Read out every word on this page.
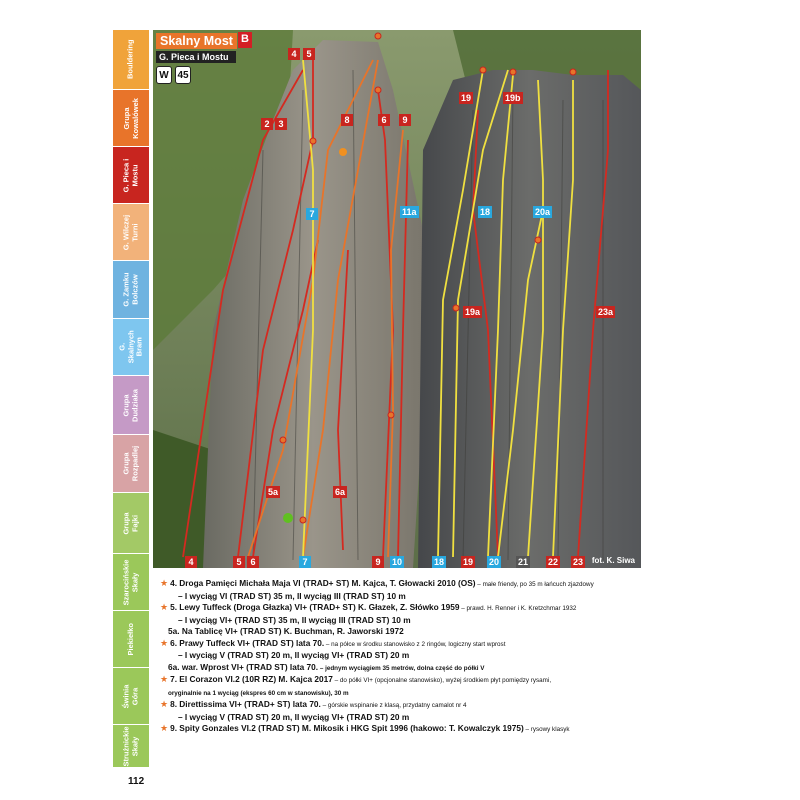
Bouldering
Grupa Kowalówek
G. Pieca i Mostu
G. Wilczej Turni
G. Zamku Bolczów
G. Skalnych Bram
Grupa Dudziaka
Grupa Rozpadlej
Grupa Fajki
Szarocińskie Skały
Piekiełko
Świnia Góra
Strużnickie Skały
Skalny Most B
G. Pieca i Mostu
W 45
4	5
2 3	8	6	9
19	19b
7	11a	18	20a
19a	23a
5a	6a
4	5 6	7	9	10	18 19 20 21 22 23 fot. K. Siwa
★ 4. Droga Pamięci Michała Maja VI (TRAD+ ST) M. Kajca, T. Głowacki 2010 (OS) – małe friendy, po 35 m łańcuch zjazdowy
– I wyciąg VI (TRAD ST) 35 m, II wyciąg III (TRAD ST) 10 m
★ 5. Lewy Tuffeck (Droga Głazka) VI+ (TRAD+ ST) K. Głazek, Z. Słówko 1959 – prawd. H. Renner i K. Kretzchmar 1932
– I wyciąg VI+ (TRAD ST) 35 m, II wyciąg III (TRAD ST) 10 m
5a. Na Tablicę VI+ (TRAD ST) K. Buchman, R. Jaworski 1972
★ 6. Prawy Tuffeck VI+ (TRAD ST) lata 70. – na półce w środku stanowisko z 2 ringów, logiczny start wprost
– I wyciąg V (TRAD ST) 20 m, II wyciąg VI+ (TRAD ST) 20 m
6a. war. Wprost VI+ (TRAD ST) lata 70. – jednym wyciągiem 35 metrów, dolna część do półki V
★ 7. El Corazon VI.2 (10R RZ) M. Kajca 2017 – do półki VI+ (opcjonalne stanowisko), wyżej środkiem płyt pomiędzy rysami,
oryginalnie na 1 wyciąg (ekspres 60 cm w stanowisku), 30 m
★ 8. Direttissima VI+ (TRAD+ ST) lata 70. – górskie wspinanie z klasą, przydatny camalot nr 4
– I wyciąg V (TRAD ST) 20 m, II wyciąg VI+ (TRAD ST) 20 m
★ 9. Spity Gonzales VI.2 (TRAD ST) M. Mikosik i HKG Spit 1996 (hakowo: T. Kowalczyk 1975) – rysowy klasyk
112
